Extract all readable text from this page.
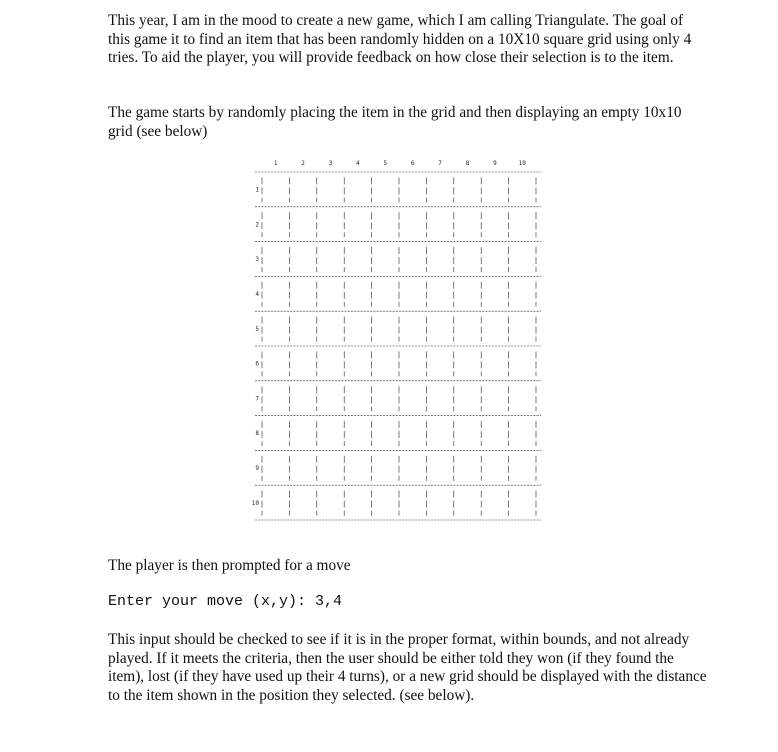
This year, I am in the mood to create a new game, which I am calling Triangulate. The goal of this game it to find an item that has been randomly hidden on a 10X10 square grid using only 4 tries. To aid the player, you will provide feedback on how close their selection is to the item.

The game starts by randomly placing the item in the grid and then displaying an empty 10x10 grid (see below)

1	2	3	4	5	6	7	8	9	10
1
2
3
4
5
6
7
8
9
10

The player is then prompted for a move

Enter your move (x,y): 3,4

This input should be checked to see if it is in the proper format, within bounds, and not already played. If it meets the criteria, then the user should be either told they won (if they found the item), lost (if they have used up their 4 turns), or a new grid should be displayed with the distance to the item shown in the position they selected. (see below).
